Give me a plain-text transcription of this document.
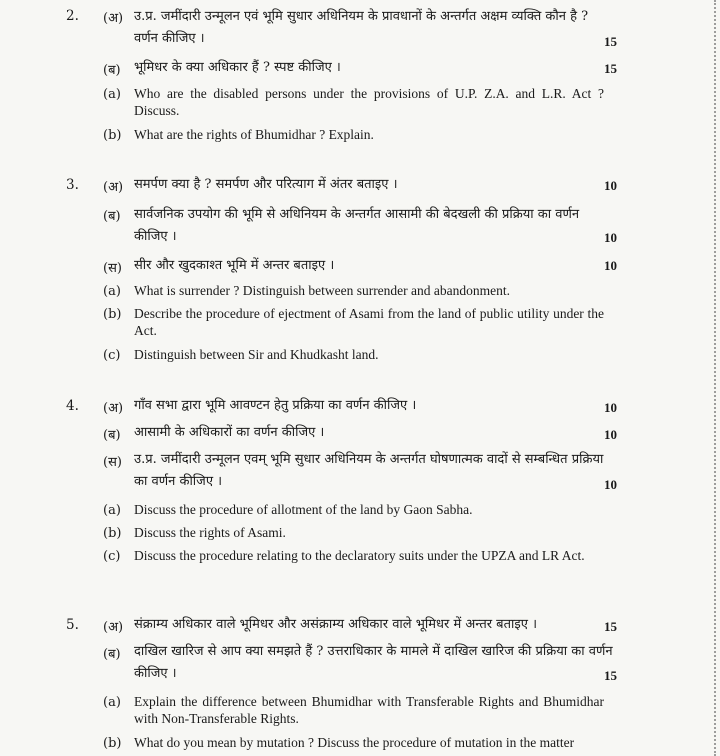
2. (अ) उ.प्र. जमींदारी उन्मूलन एवं भूमि सुधार अधिनियम के प्रावधानों के अन्तर्गत अक्षम व्यक्ति कौन है ? वर्णन कीजिए ।	15
(ब) भूमिधर के क्या अधिकार हैं ? स्पष्ट कीजिए ।	15
(a) Who are the disabled persons under the provisions of U.P. Z.A. and L.R. Act ? Discuss.
(b) What are the rights of Bhumidhar ? Explain.
3. (अ) समर्पण क्या है ? समर्पण और परित्याग में अंतर बताइए ।	10
(ब) सार्वजनिक उपयोग की भूमि से अधिनियम के अन्तर्गत आसामी की बेदखली की प्रक्रिया का वर्णन कीजिए ।	10
(स) सीर और खुदकाश्त भूमि में अन्तर बताइए ।	10
(a) What is surrender ? Distinguish between surrender and abandonment.
(b) Describe the procedure of ejectment of Asami from the land of public utility under the Act.
(c) Distinguish between Sir and Khudkasht land.
4. (अ) गाँव सभा द्वारा भूमि आवण्टन हेतु प्रक्रिया का वर्णन कीजिए ।	10
(ब) आसामी के अधिकारों का वर्णन कीजिए ।	10
(स) उ.प्र. जमींदारी उन्मूलन एवम् भूमि सुधार अधिनियम के अन्तर्गत घोषणात्मक वादों से सम्बन्धित प्रक्रिया का वर्णन कीजिए ।	10
(a) Discuss the procedure of allotment of the land by Gaon Sabha.
(b) Discuss the rights of Asami.
(c) Discuss the procedure relating to the declaratory suits under the UPZA and LR Act.
5. (अ) संक्राम्य अधिकार वाले भूमिधर और असंक्राम्य अधिकार वाले भूमिधर में अन्तर बताइए ।	15
(ब) दाखिल खारिज से आप क्या समझते हैं ? उत्तराधिकार के मामले में दाखिल खारिज की प्रक्रिया का वर्णन कीजिए ।	15
(a) Explain the difference between Bhumidhar with Transferable Rights and Bhumidhar with Non-Transferable Rights.
(b) What do you mean by mutation ? Discuss the procedure of mutation in the matter
